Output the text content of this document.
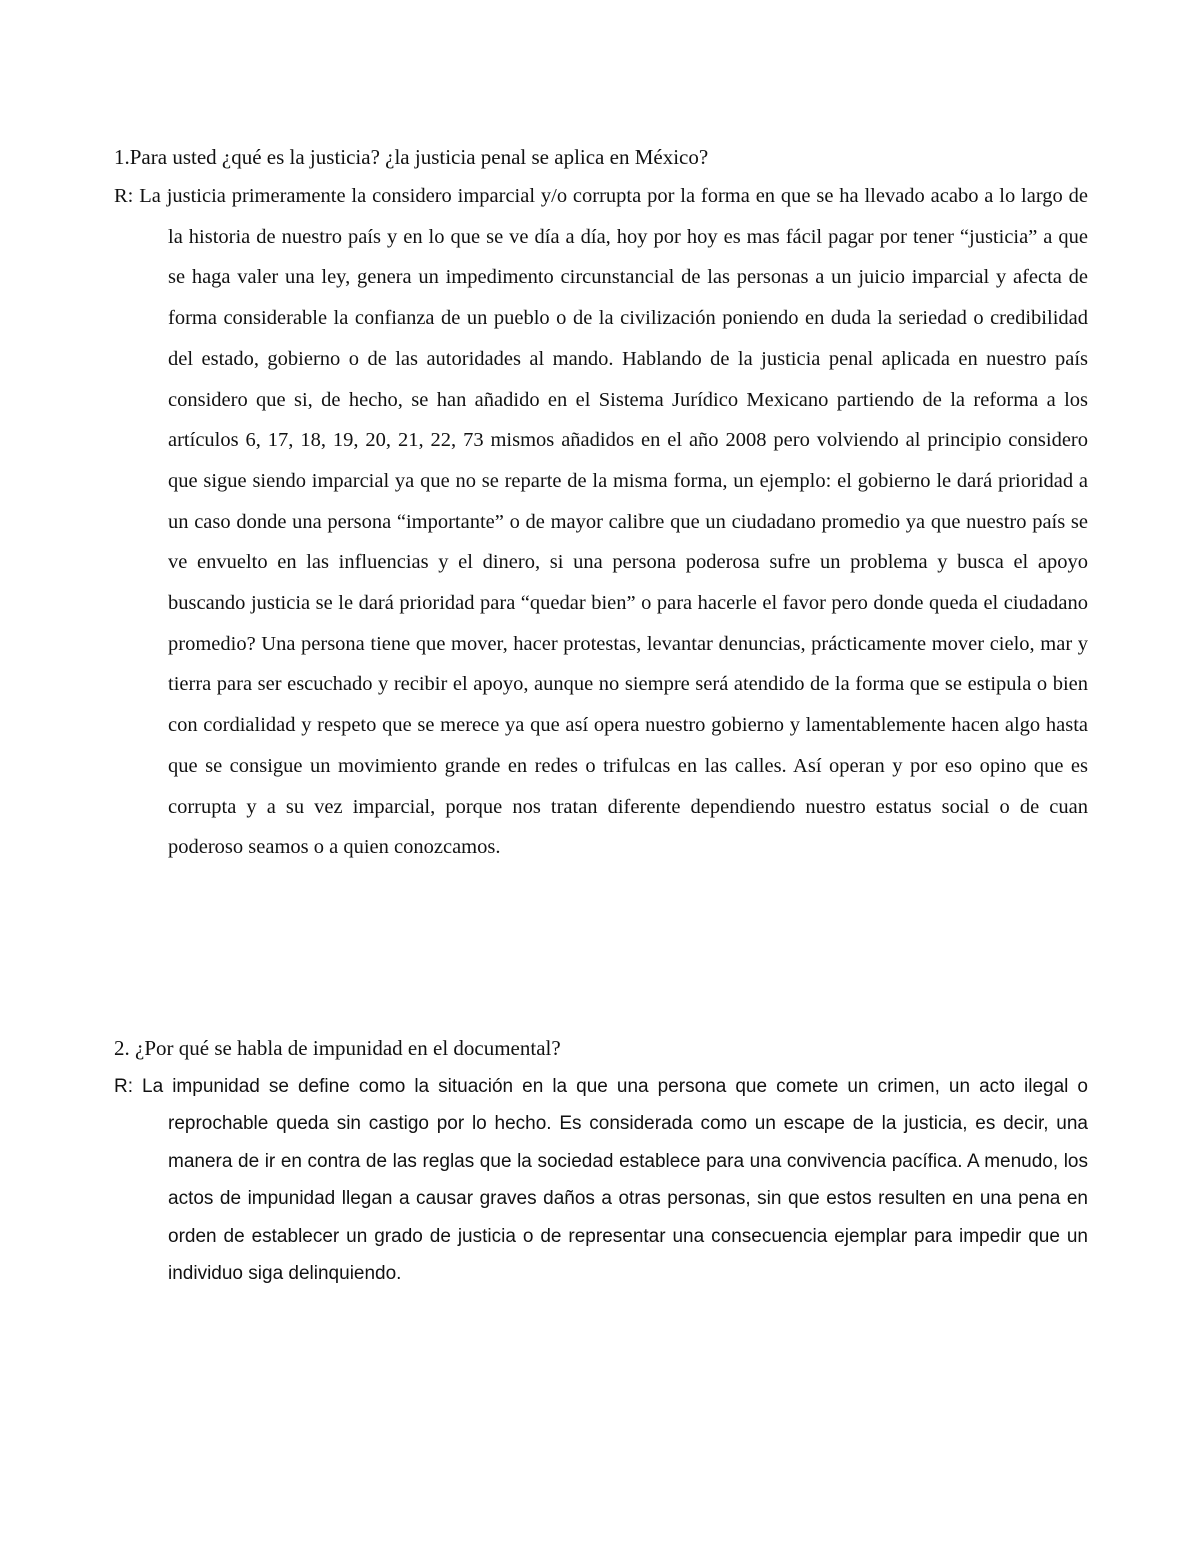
1.Para usted ¿qué es la justicia? ¿la justicia penal se aplica en México?

R: La justicia primeramente la considero imparcial y/o corrupta por la forma en que se ha llevado acabo a lo largo de la historia de nuestro país y en lo que se ve día a día, hoy por hoy es mas fácil pagar por tener “justicia” a que se haga valer una ley, genera un impedimento circunstancial de las personas a un juicio imparcial y afecta de forma considerable la confianza de un pueblo o de la civilización poniendo en duda la seriedad o credibilidad del estado, gobierno o de las autoridades al mando. Hablando de la justicia penal aplicada en nuestro país considero que si, de hecho, se han añadido en el Sistema Jurídico Mexicano partiendo de la reforma a los artículos 6, 17, 18, 19, 20, 21, 22, 73 mismos añadidos en el año 2008 pero volviendo al principio considero que sigue siendo imparcial ya que no se reparte de la misma forma, un ejemplo: el gobierno le dará prioridad a un caso donde una persona “importante” o de mayor calibre que un ciudadano promedio ya que nuestro país se ve envuelto en las influencias y el dinero, si una persona poderosa sufre un problema y busca el apoyo buscando justicia se le dará prioridad para “quedar bien” o para hacerle el favor pero donde queda el ciudadano promedio? Una persona tiene que mover, hacer protestas, levantar denuncias, prácticamente mover cielo, mar y tierra para ser escuchado y recibir el apoyo, aunque no siempre será atendido de la forma que se estipula o bien con cordialidad y respeto que se merece ya que así opera nuestro gobierno y lamentablemente hacen algo hasta que se consigue un movimiento grande en redes o trifulcas en las calles. Así operan y por eso opino que es corrupta y a su vez imparcial, porque nos tratan diferente dependiendo nuestro estatus social o de cuan poderoso seamos o a quien conozcamos.

2. ¿Por qué se habla de impunidad en el documental?

R: La impunidad se define como la situación en la que una persona que comete un crimen, un acto ilegal o reprochable queda sin castigo por lo hecho. Es considerada como un escape de la justicia, es decir, una manera de ir en contra de las reglas que la sociedad establece para una convivencia pacífica. A menudo, los actos de impunidad llegan a causar graves daños a otras personas, sin que estos resulten en una pena en orden de establecer un grado de justicia o de representar una consecuencia ejemplar para impedir que un individuo siga delinquiendo.
